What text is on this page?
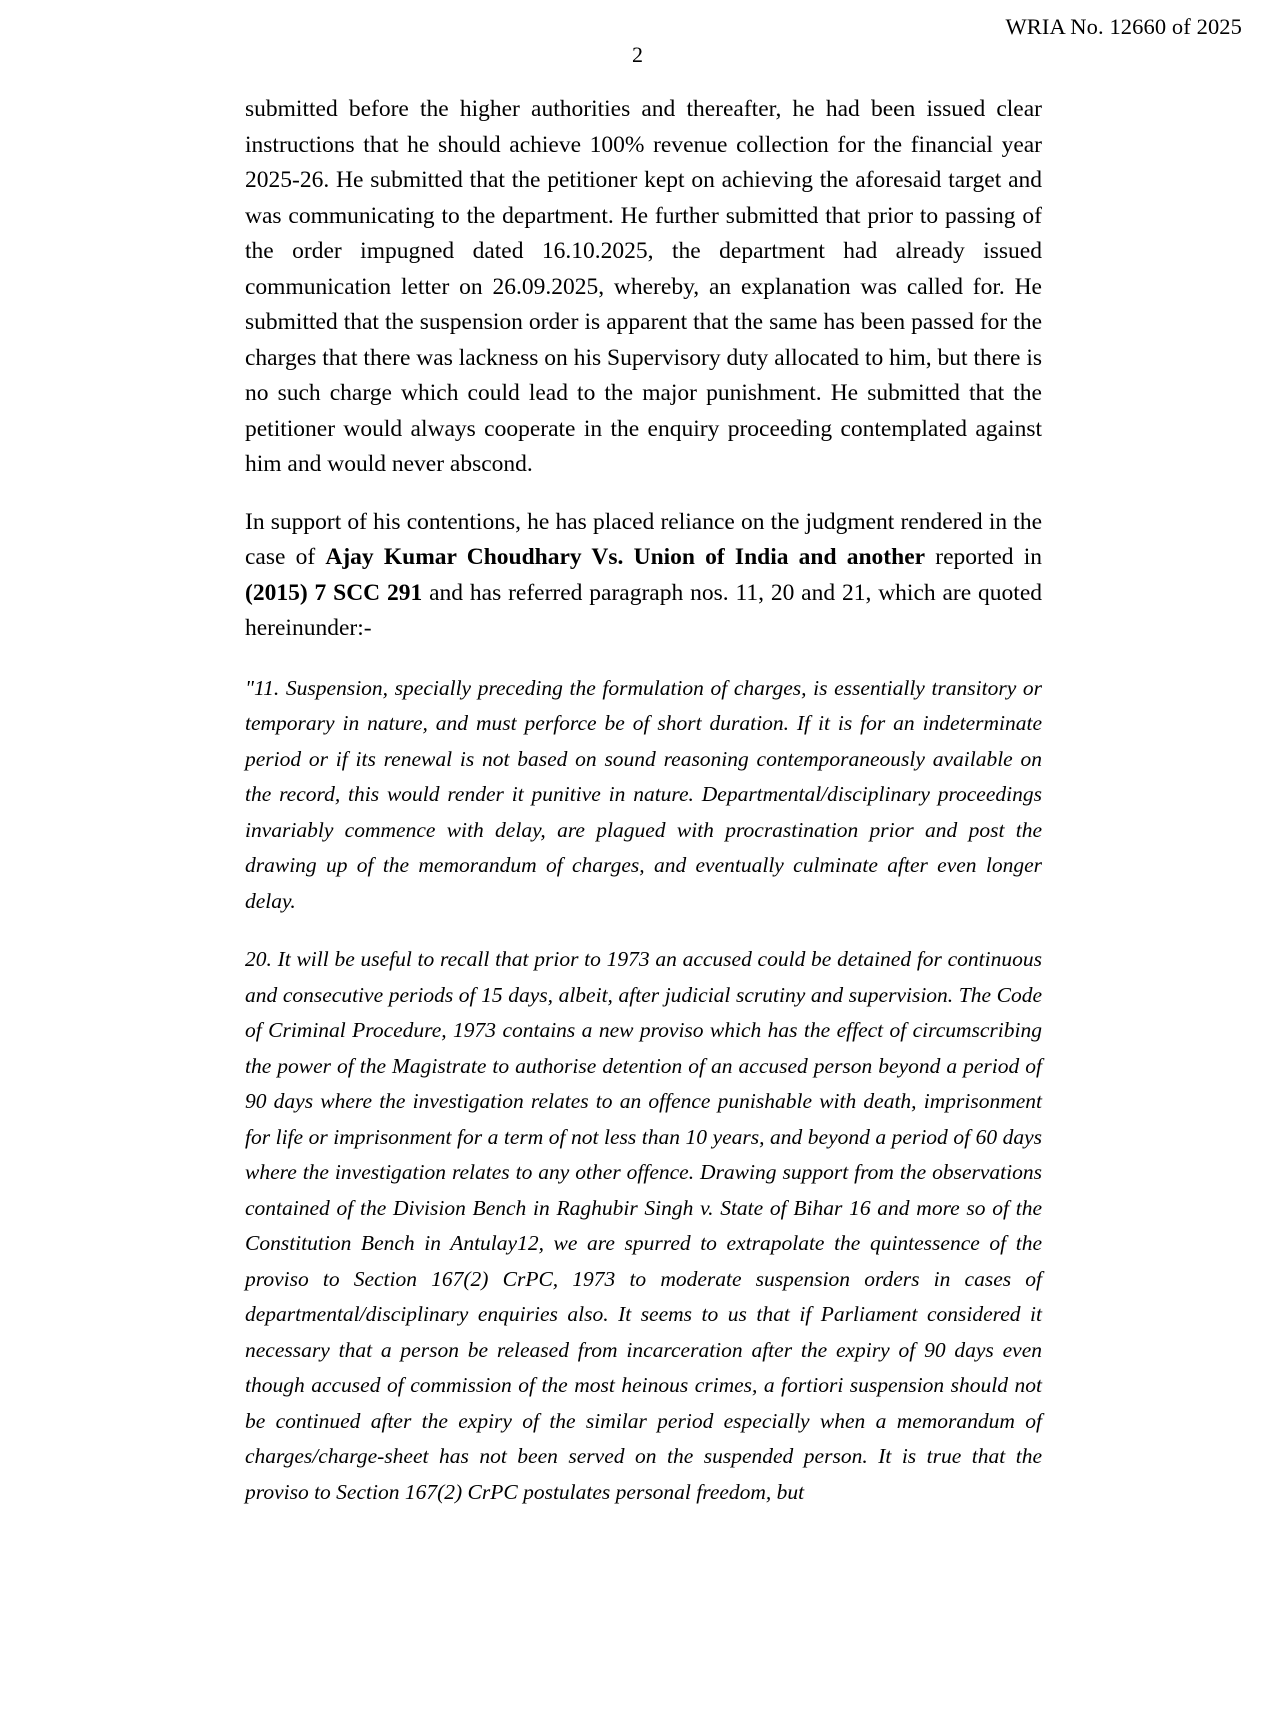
WRIA No. 12660 of 2025
2

submitted before the higher authorities and thereafter, he had been issued clear instructions that he should achieve 100% revenue collection for the financial year 2025-26. He submitted that the petitioner kept on achieving the aforesaid target and was communicating to the department. He further submitted that prior to passing of the order impugned dated 16.10.2025, the department had already issued communication letter on 26.09.2025, whereby, an explanation was called for. He submitted that the suspension order is apparent that the same has been passed for the charges that there was lackness on his Supervisory duty allocated to him, but there is no such charge which could lead to the major punishment. He submitted that the petitioner would always cooperate in the enquiry proceeding contemplated against him and would never abscond.

In support of his contentions, he has placed reliance on the judgment rendered in the case of Ajay Kumar Choudhary Vs. Union of India and another reported in (2015) 7 SCC 291 and has referred paragraph nos. 11, 20 and 21, which are quoted hereinunder:-

"11. Suspension, specially preceding the formulation of charges, is essentially transitory or temporary in nature, and must perforce be of short duration. If it is for an indeterminate period or if its renewal is not based on sound reasoning contemporaneously available on the record, this would render it punitive in nature. Departmental/disciplinary proceedings invariably commence with delay, are plagued with procrastination prior and post the drawing up of the memorandum of charges, and eventually culminate after even longer delay.

20. It will be useful to recall that prior to 1973 an accused could be detained for continuous and consecutive periods of 15 days, albeit, after judicial scrutiny and supervision. The Code of Criminal Procedure, 1973 contains a new proviso which has the effect of circumscribing the power of the Magistrate to authorise detention of an accused person beyond a period of 90 days where the investigation relates to an offence punishable with death, imprisonment for life or imprisonment for a term of not less than 10 years, and beyond a period of 60 days where the investigation relates to any other offence. Drawing support from the observations contained of the Division Bench in Raghubir Singh v. State of Bihar 16 and more so of the Constitution Bench in Antulay12, we are spurred to extrapolate the quintessence of the proviso to Section 167(2) CrPC, 1973 to moderate suspension orders in cases of departmental/disciplinary enquiries also. It seems to us that if Parliament considered it necessary that a person be released from incarceration after the expiry of 90 days even though accused of commission of the most heinous crimes, a fortiori suspension should not be continued after the expiry of the similar period especially when a memorandum of charges/charge-sheet has not been served on the suspended person. It is true that the proviso to Section 167(2) CrPC postulates personal freedom, but
